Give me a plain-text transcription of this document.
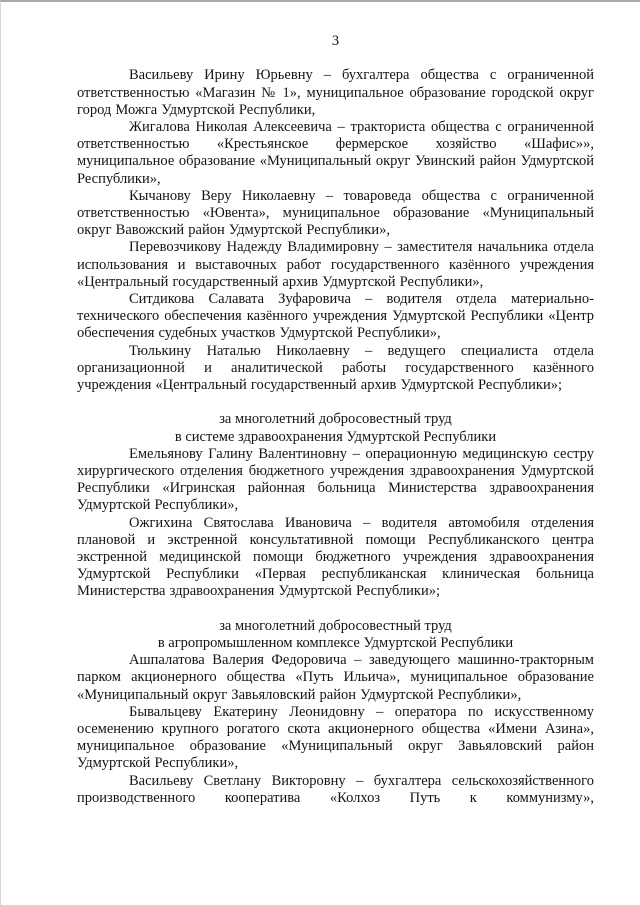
3

Васильеву Ирину Юрьевну – бухгалтера общества с ограниченной ответственностью «Магазин № 1», муниципальное образование городской округ город Можга Удмуртской Республики,

Жигалова Николая Алексеевича – тракториста общества с ограниченной ответственностью «Крестьянское фермерское хозяйство «Шафис»», муниципальное образование «Муниципальный округ Увинский район Удмуртской Республики»,

Кычанову Веру Николаевну – товароведа общества с ограниченной ответственностью «Ювента», муниципальное образование «Муниципальный округ Вавожский район Удмуртской Республики»,

Перевозчикову Надежду Владимировну – заместителя начальника отдела использования и выставочных работ государственного казённого учреждения «Центральный государственный архив Удмуртской Республики»,

Ситдикова Салавата Зуфаровича – водителя отдела материально-технического обеспечения казённого учреждения Удмуртской Республики «Центр обеспечения судебных участков Удмуртской Республики»,

Тюлькину Наталью Николаевну – ведущего специалиста отдела организационной и аналитической работы государственного казённого учреждения «Центральный государственный архив Удмуртской Республики»;

за многолетний добросовестный труд
в системе здравоохранения Удмуртской Республики

Емельянову Галину Валентиновну – операционную медицинскую сестру хирургического отделения бюджетного учреждения здравоохранения Удмуртской Республики «Игринская районная больница Министерства здравоохранения Удмуртской Республики»,

Ожгихина Святослава Ивановича – водителя автомобиля отделения плановой и экстренной консультативной помощи Республиканского центра экстренной медицинской помощи бюджетного учреждения здравоохранения Удмуртской Республики «Первая республиканская клиническая больница Министерства здравоохранения Удмуртской Республики»;

за многолетний добросовестный труд
в агропромышленном комплексе Удмуртской Республики

Ашпалатова Валерия Федоровича – заведующего машинно-тракторным парком акционерного общества «Путь Ильича», муниципальное образование «Муниципальный округ Завьяловский район Удмуртской Республики»,

Бывальцеву Екатерину Леонидовну – оператора по искусственному осеменению крупного рогатого скота акционерного общества «Имени Азина», муниципальное образование «Муниципальный округ Завьяловский район Удмуртской Республики»,

Васильеву Светлану Викторовну – бухгалтера сельскохозяйственного производственного кооператива «Колхоз Путь к коммунизму»,
